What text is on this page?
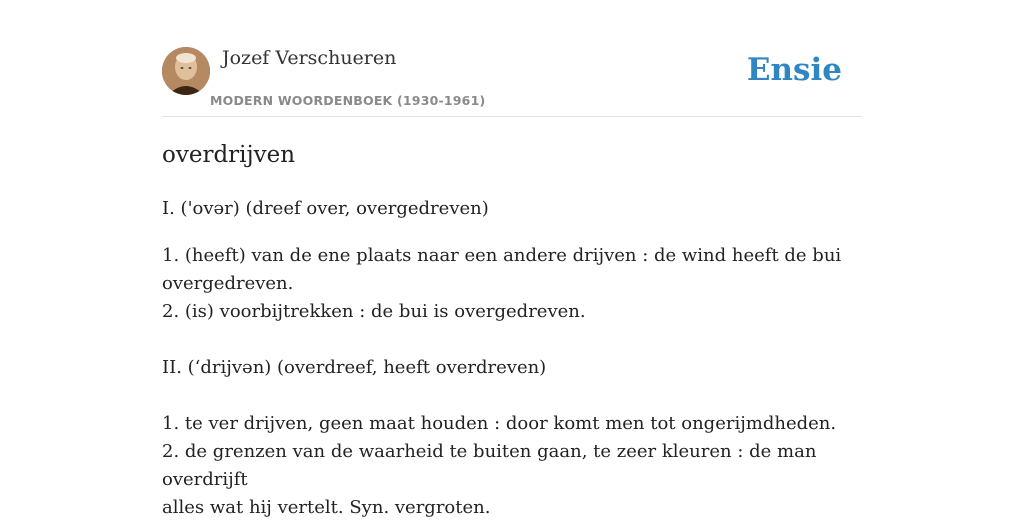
Jozef Verschueren
MODERN WOORDENBOEK (1930-1961)
Ensie
overdrijven

I. ('ovər) (dreef over, overgedreven)

1. (heeft) van de ene plaats naar een andere drijven : de wind heeft de bui

overgedreven.

2. (is) voorbijtrekken : de bui is overgedreven.

II. (ʻdrijvən) (overdreef, heeft overdreven)

1. te ver drijven, geen maat houden : door komt men tot ongerijmdheden.

2. de grenzen van de waarheid te buiten gaan, te zeer kleuren : de man overdrijft

alles wat hij vertelt. Syn. vergroten.
